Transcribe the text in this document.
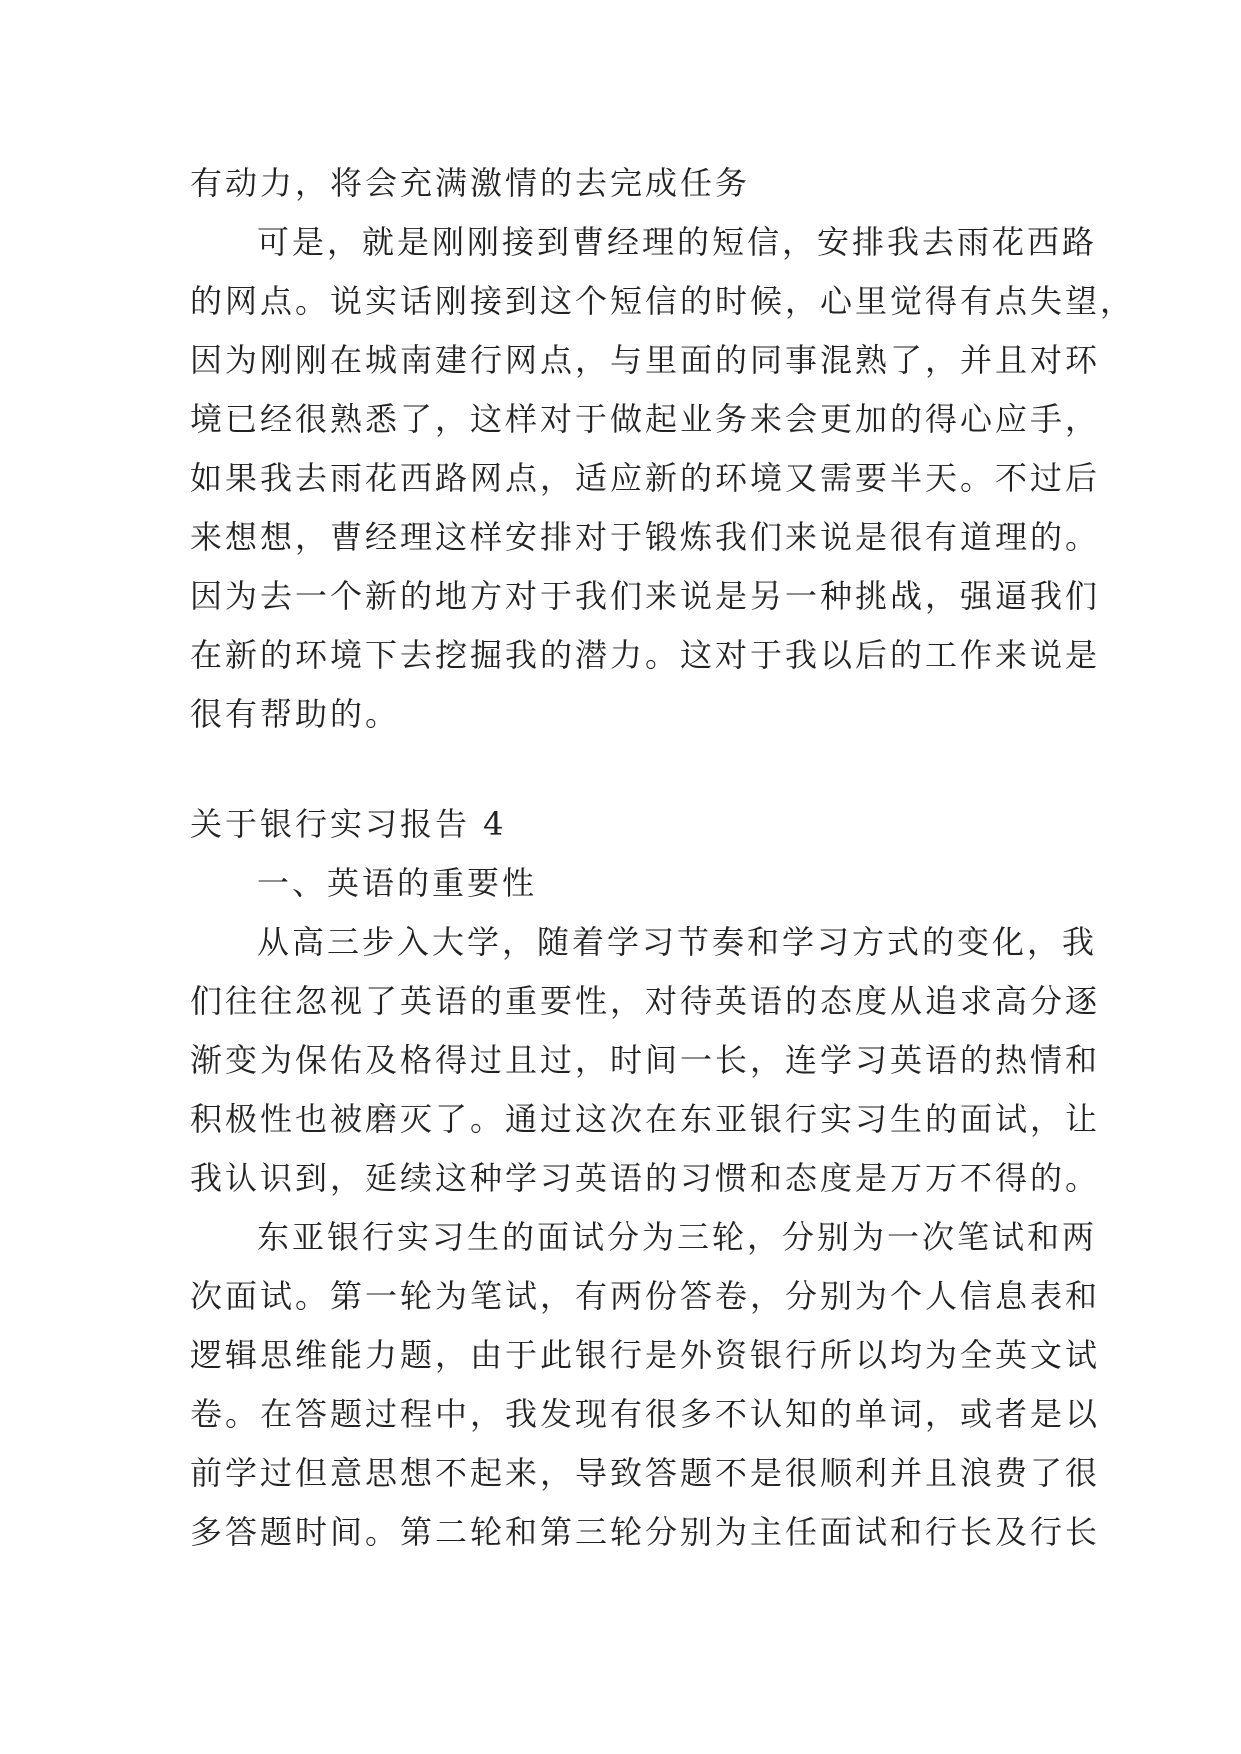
有动力，将会充满激情的去完成任务
可是，就是刚刚接到曹经理的短信，安排我去雨花西路
的网点。说实话刚接到这个短信的时候，心里觉得有点失望，
因为刚刚在城南建行网点，与里面的同事混熟了，并且对环
境已经很熟悉了，这样对于做起业务来会更加的得心应手，
如果我去雨花西路网点，适应新的环境又需要半天。不过后
来想想，曹经理这样安排对于锻炼我们来说是很有道理的。
因为去一个新的地方对于我们来说是另一种挑战，强逼我们
在新的环境下去挖掘我的潜力。这对于我以后的工作来说是
很有帮助的。
关于银行实习报告 4
一、英语的重要性
从高三步入大学，随着学习节奏和学习方式的变化，我
们往往忽视了英语的重要性，对待英语的态度从追求高分逐
渐变为保佑及格得过且过，时间一长，连学习英语的热情和
积极性也被磨灭了。通过这次在东亚银行实习生的面试，让
我认识到，延续这种学习英语的习惯和态度是万万不得的。
东亚银行实习生的面试分为三轮，分别为一次笔试和两
次面试。第一轮为笔试，有两份答卷，分别为个人信息表和
逻辑思维能力题，由于此银行是外资银行所以均为全英文试
卷。在答题过程中，我发现有很多不认知的单词，或者是以
前学过但意思想不起来，导致答题不是很顺利并且浪费了很
多答题时间。第二轮和第三轮分别为主任面试和行长及行长
